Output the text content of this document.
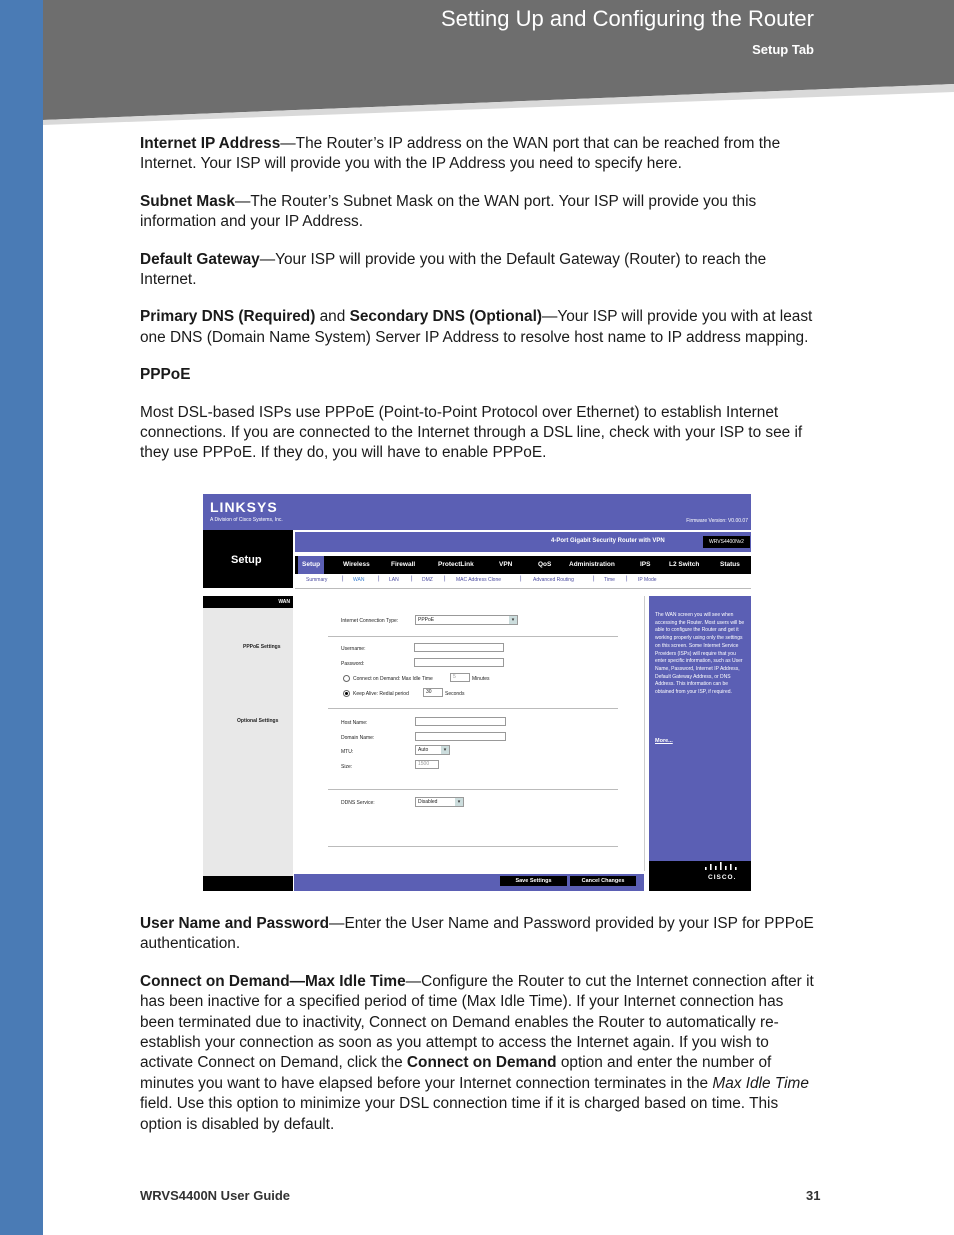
Setting Up and Configuring the Router
Setup Tab

Internet IP Address—The Router’s IP address on the WAN port that can be reached from the Internet. Your ISP will provide you with the IP Address you need to specify here.

Subnet Mask—The Router’s Subnet Mask on the WAN port. Your ISP will provide you this information and your IP Address.

Default Gateway—Your ISP will provide you with the Default Gateway (Router) to reach the Internet.

Primary DNS (Required) and Secondary DNS (Optional)—Your ISP will provide you with at least one DNS (Domain Name System) Server IP Address to resolve host name to IP address mapping.

PPPoE

Most DSL-based ISPs use PPPoE (Point-to-Point Protocol over Ethernet) to establish Internet connections. If you are connected to the Internet through a DSL line, check with your ISP to see if they use PPPoE. If they do, you will have to enable PPPoE.

User Name and Password—Enter the User Name and Password provided by your ISP for PPPoE authentication.

Connect on Demand—Max Idle Time—Configure the Router to cut the Internet connection after it has been inactive for a specified period of time (Max Idle Time). If your Internet connection has been terminated due to inactivity, Connect on Demand enables the Router to automatically re-establish your connection as soon as you attempt to access the Internet again. If you wish to activate Connect on Demand, click the Connect on Demand option and enter the number of minutes you want to have elapsed before your Internet connection terminates in the Max Idle Time field. Use this option to minimize your DSL connection time if it is charged based on time. This option is disabled by default.

LINKSYS
A Division of Cisco Systems, Inc.	Firmware Version: V0.00.07
Setup
4-Port Gigabit Security Router with VPN	WRVS4400Nv2
Setup	Wireless	Firewall	ProtectLink	VPN	QoS	Administration	IPS	L2 Switch	Status
Summary | WAN | LAN | DMZ | MAC Address Clone	| Advanced Routing	| Time | IP Mode
WAN
PPPoE Settings
Optional Settings
Internet Connection Type:	PPPoE	▾
Username:
Password:
Connect on Demand: Max Idle Time	5	Minutes
Keep Alive: Redial period	30	Seconds
Host Name:
Domain Name:
MTU:	Auto	▾
Size:	1500
DDNS Service:	Disabled	▾
The WAN screen you will see when accessing the Router. Most users will be able to configure the Router and get it working properly using only the settings on this screen. Some Internet Service Providers (ISPs) will require that you enter specific information, such as User Name, Password, Internet IP Address, Default Gateway Address, or DNS Address. This information can be obtained from your ISP, if required.
More...
Save Settings	Cancel Changes	CISCO.
WRVS4400N User Guide	31
